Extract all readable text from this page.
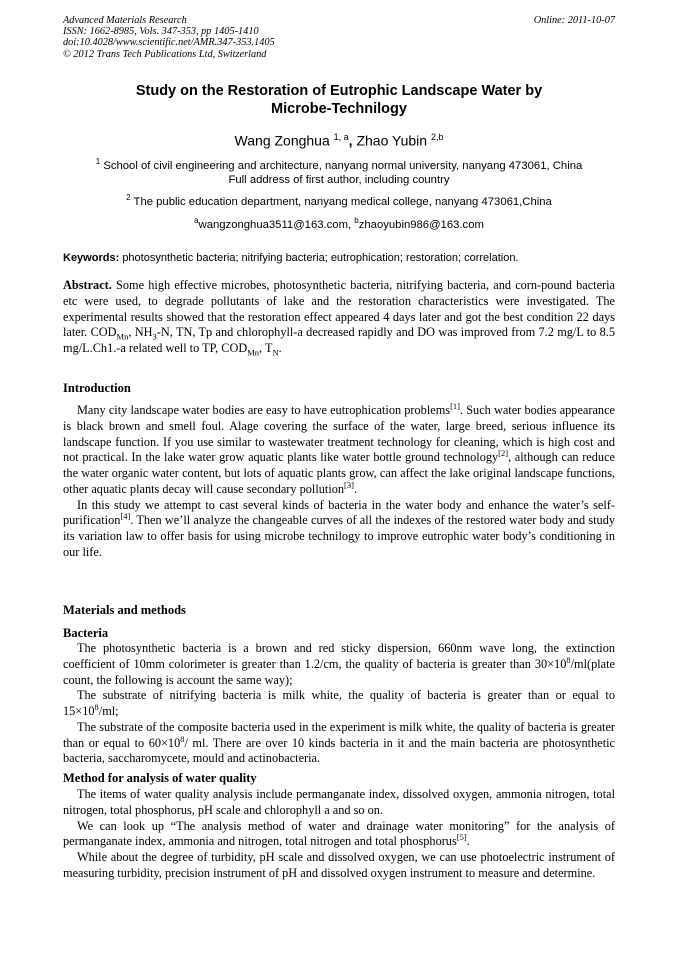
Advanced Materials Research
ISSN: 1662-8985, Vols. 347-353, pp 1405-1410
doi:10.4028/www.scientific.net/AMR.347-353.1405
© 2012 Trans Tech Publications Ltd, Switzerland
Online: 2011-10-07
Study on the Restoration of Eutrophic Landscape Water by
Microbe-Technilogy
Wang Zonghua $^{1, a}$, Zhao Yubin $^{2,b}$
$^1$ School of civil engineering and architecture, nanyang normal university, nanyang 473061, China
Full address of first author, including country
$^2$ The public education department, nanyang medical college, nanyang 473061,China
$^a$wangzonghua3511@163.com, $^b$zhaoyubin986@163.com
Keywords: photosynthetic bacteria; nitrifying bacteria; eutrophication; restoration; correlation.

Abstract. Some high effective microbes, photosynthetic bacteria, nitrifying bacteria, and corn-pound bacteria etc were used, to degrade pollutants of lake and the restoration characteristics were investigated. The experimental results showed that the restoration effect appeared 4 days later and got the best condition 22 days later. $COD_{Mn}$, $NH_3-N$, TN, Tp and chlorophyll-a decreased rapidly and DO was improved from 7.2 mg/L to 8.5 mg/L.Ch1.-a related well to TP, $COD_{Mn}$, $T_N$.

Introduction

Many city landscape water bodies are easy to have eutrophication problems[1]. Such water bodies appearance is black brown and smell foul. Alage covering the surface of the water, large breed, serious influence its landscape function. If you use similar to wastewater treatment technology for cleaning, which is high cost and not practical. In the lake water grow aquatic plants like water bottle ground technology[2], although can reduce the water organic water content, but lots of aquatic plants grow, can affect the lake original landscape functions, other aquatic plants decay will cause secondary pollution[3].

In this study we attempt to cast several kinds of bacteria in the water body and enhance the water’s self-purification[4]. Then we’ll analyze the changeable curves of all the indexes of the restored water body and study its variation law to offer basis for using microbe technilogy to improve eutrophic water body’s conditioning in our life.

Materials and methods
Bacteria

The photosynthetic bacteria is a brown and red sticky dispersion, 660nm wave long, the extinction coefficient of 10mm colorimeter is greater than 1.2/cm, the quality of bacteria is greater than $30\times 10^8/ml(plate$ count, the following is account the same way);

The substrate of nitrifying bacteria is milk white, the quality of bacteria is greater than or equal to $15\times 10^8/ml$;

The substrate of the composite bacteria used in the experiment is milk white, the quality of bacteria is greater than or equal to $60\times 10^8/$ ml. There are over 10 kinds bacteria in it and the main bacteria are photosynthetic bacteria, saccharomycete, mould and actinobacteria.

Method for analysis of water quality

The items of water quality analysis include permanganate index, dissolved oxygen, ammonia nitrogen, total nitrogen, total phosphorus, pH scale and chlorophyll a and so on.

We can look up “The analysis method of water and drainage water monitoring” for the analysis of permanganate index, ammonia and nitrogen, total nitrogen and total phosphorus[5].

While about the degree of turbidity, pH scale and dissolved oxygen, we can use photoelectric instrument of measuring turbidity, precision instrument of pH and dissolved oxygen instrument to measure and determine.
